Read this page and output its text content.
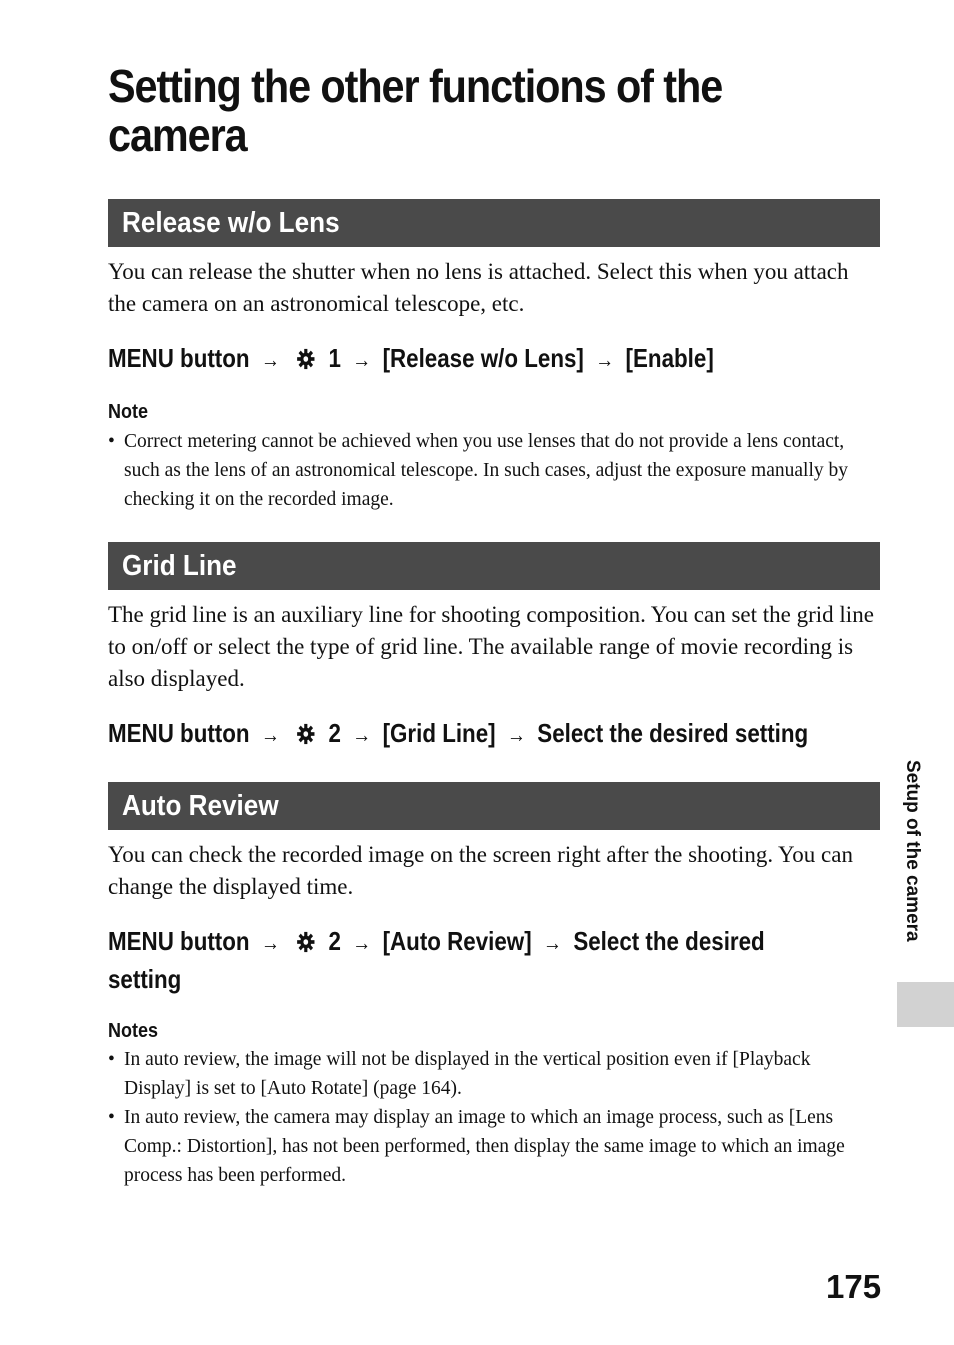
Setting the other functions of the camera
Release w/o Lens

You can release the shutter when no lens is attached. Select this when you attach the camera on an astronomical telescope, etc.

MENU button → 1 → [Release w/o Lens] → [Enable]
Note
• Correct metering cannot be achieved when you use lenses that do not provide a lens contact, such as the lens of an astronomical telescope. In such cases, adjust the exposure manually by checking it on the recorded image.
Grid Line

The grid line is an auxiliary line for shooting composition. You can set the grid line to on/off or select the type of grid line. The available range of movie recording is also displayed.

MENU button → 2 → [Grid Line] → Select the desired setting
Auto Review

You can check the recorded image on the screen right after the shooting. You can change the displayed time.

MENU button → 2 → [Auto Review] → Select the desired
setting
Notes
• In auto review, the image will not be displayed in the vertical position even if [Playback Display] is set to [Auto Rotate] (page 164).
• In auto review, the camera may display an image to which an image process, such as [Lens Comp.: Distortion], has not been performed, then display the same image to which an image process has been performed.
Setup of the camera
175
